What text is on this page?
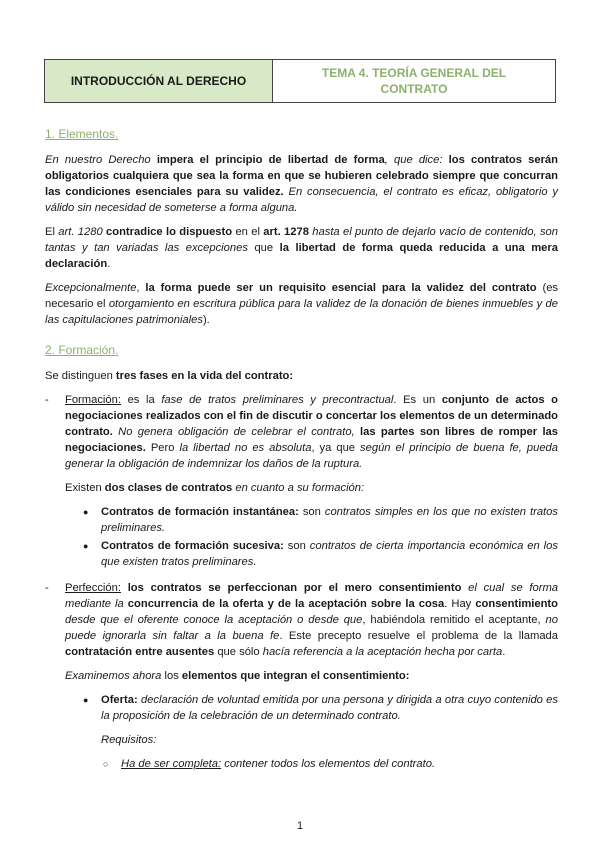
INTRODUCCIÓN AL DERECHO
TEMA 4. TEORÍA GENERAL DEL CONTRATO

1. Elementos.

En nuestro Derecho impera el principio de libertad de forma, que dice: los contratos serán obligatorios cualquiera que sea la forma en que se hubieren celebrado siempre que concurran las condiciones esenciales para su validez. En consecuencia, el contrato es eficaz, obligatorio y válido sin necesidad de someterse a forma alguna.

El art. 1280 contradice lo dispuesto en el art. 1278 hasta el punto de dejarlo vacío de contenido, son tantas y tan variadas las excepciones que la libertad de forma queda reducida a una mera declaración.

Excepcionalmente, la forma puede ser un requisito esencial para la validez del contrato (es necesario el otorgamiento en escritura pública para la validez de la donación de bienes inmuebles y de las capitulaciones patrimoniales).

2. Formación.

Se distinguen tres fases en la vida del contrato:

- Formación: es la fase de tratos preliminares y precontractual. Es un conjunto de actos o negociaciones realizados con el fin de discutir o concertar los elementos de un determinado contrato. No genera obligación de celebrar el contrato, las partes son libres de romper las negociaciones. Pero la libertad no es absoluta, ya que según el principio de buena fe, pueda generar la obligación de indemnizar los daños de la ruptura.

Existen dos clases de contratos en cuanto a su formación:

● Contratos de formación instantánea: son contratos simples en los que no existen tratos preliminares.
● Contratos de formación sucesiva: son contratos de cierta importancia económica en los que existen tratos preliminares.
- Perfección: los contratos se perfeccionan por el mero consentimiento el cual se forma mediante la concurrencia de la oferta y de la aceptación sobre la cosa. Hay consentimiento desde que el oferente conoce la aceptación o desde que, habiéndola remitido el aceptante, no puede ignorarla sin faltar a la buena fe. Este precepto resuelve el problema de la llamada contratación entre ausentes que sólo hacía referencia a la aceptación hecha por carta.

Examinemos ahora los elementos que integran el consentimiento:

● Oferta: declaración de voluntad emitida por una persona y dirigida a otra cuyo contenido es la proposición de la celebración de un determinado contrato.

Requisitos:

○ Ha de ser completa: contener todos los elementos del contrato.
1
